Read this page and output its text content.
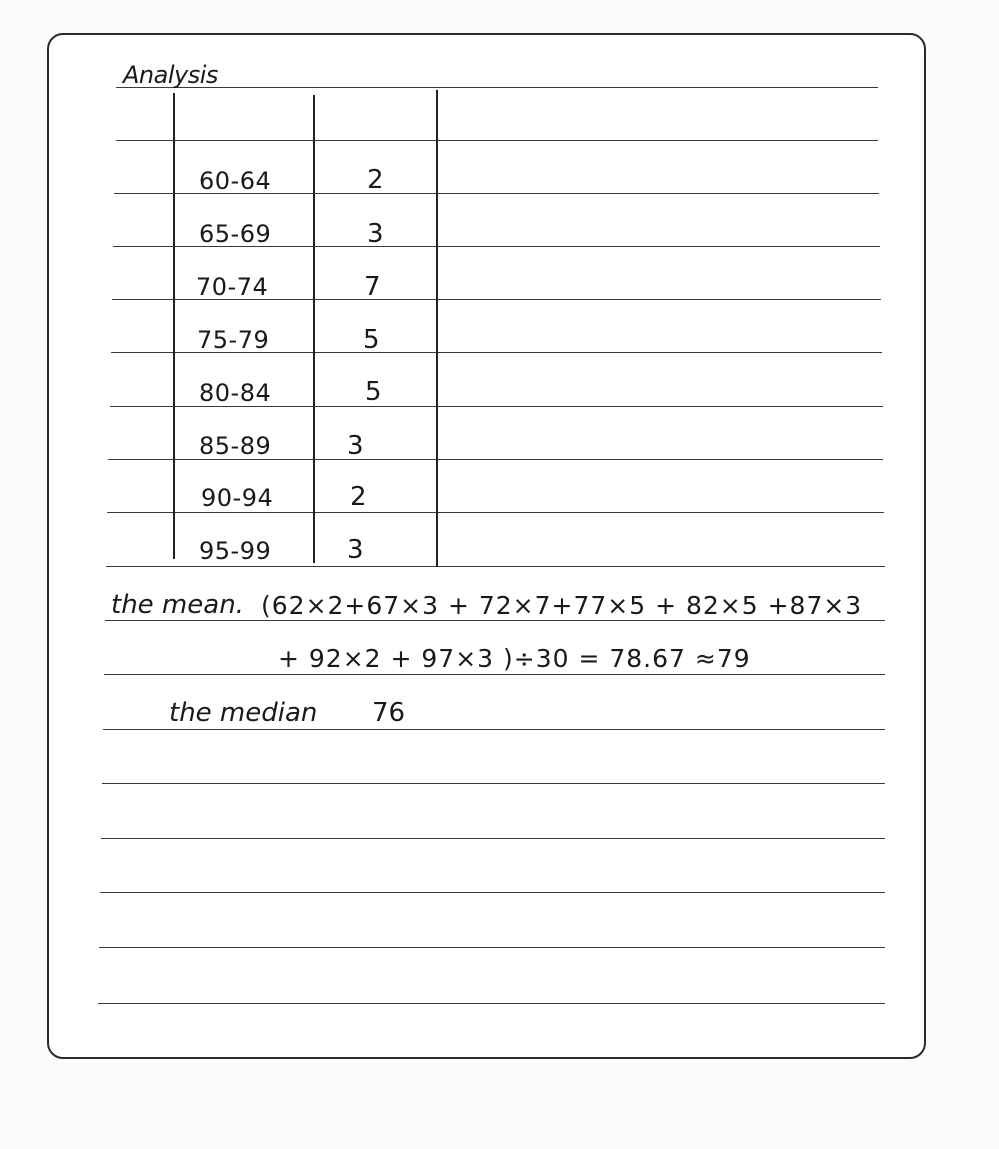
Analysis
60-64	2
65-69	3
70-74	7
75-79	5
80-84	5
85-89	3
90-94	2
95-99	3
the mean. (62×2+67×3 + 72×7+77×5 + 82×5 +87×3
+ 92×2 + 97×3 )÷30 = 78.67 ≈79
the median 76
